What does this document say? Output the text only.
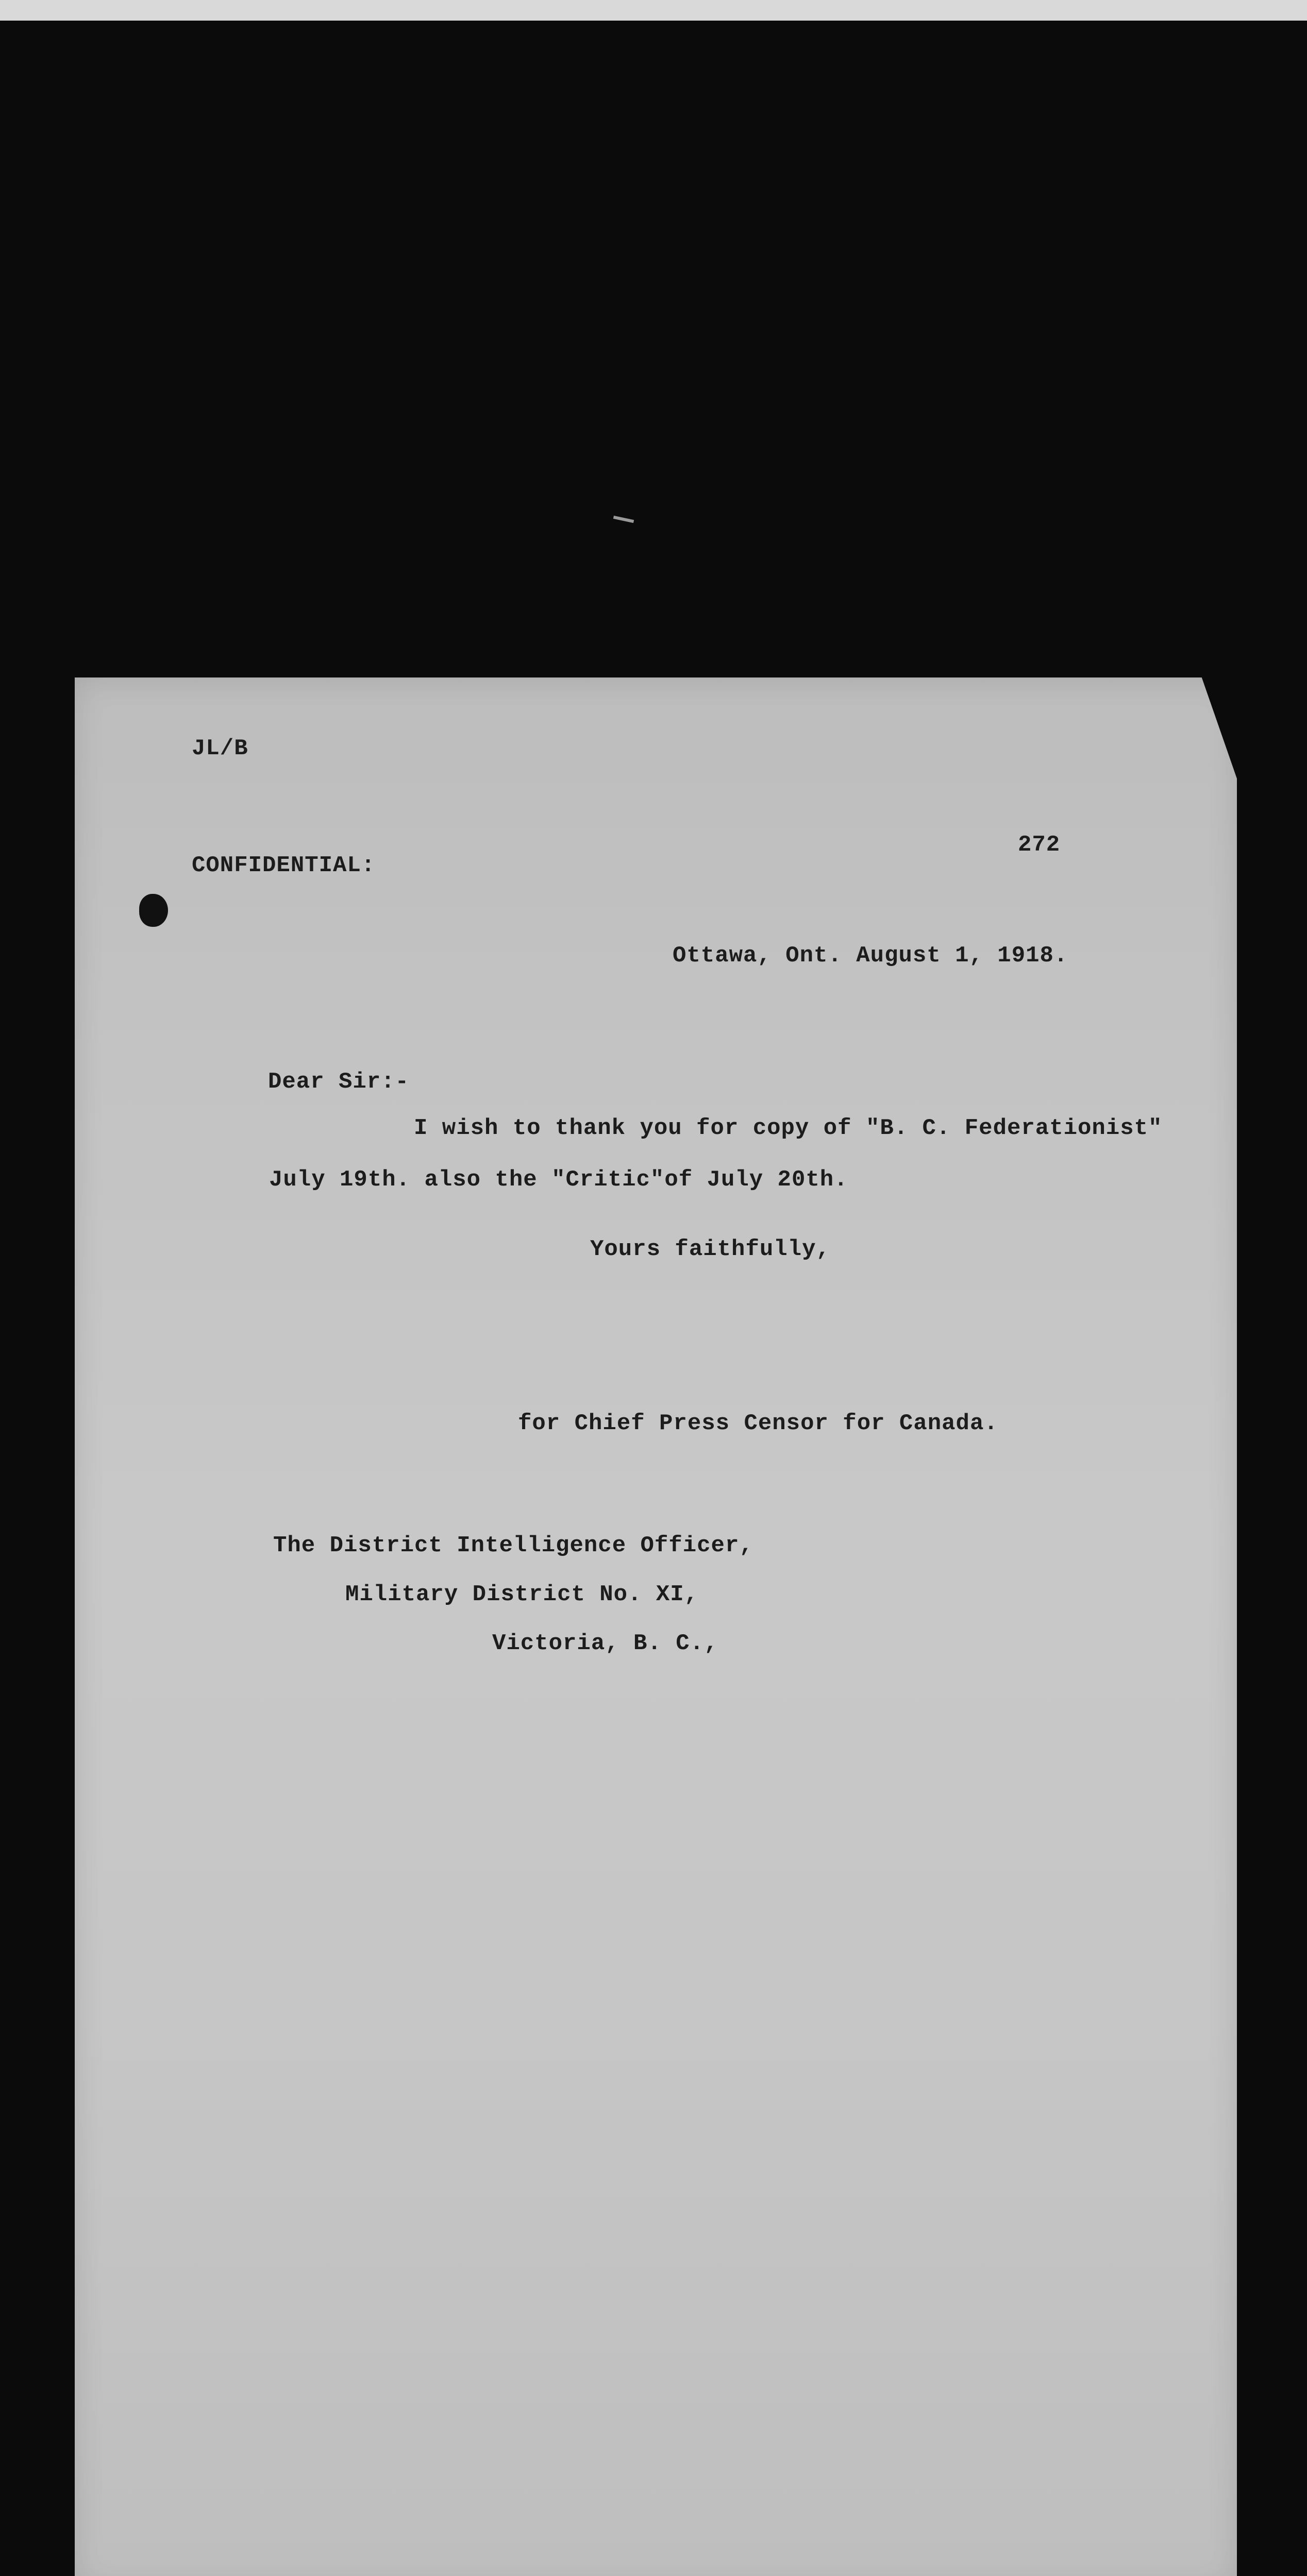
JL/B
272
CONFIDENTIAL:
Ottawa, Ont. August 1, 1918.
Dear Sir:-
I wish to thank you for copy of "B. C. Federationist"
July 19th. also the "Critic"of July 20th.
Yours faithfully,
for Chief Press Censor for Canada.
The District Intelligence Officer,
Military District No. XI,
Victoria, B. C.,
